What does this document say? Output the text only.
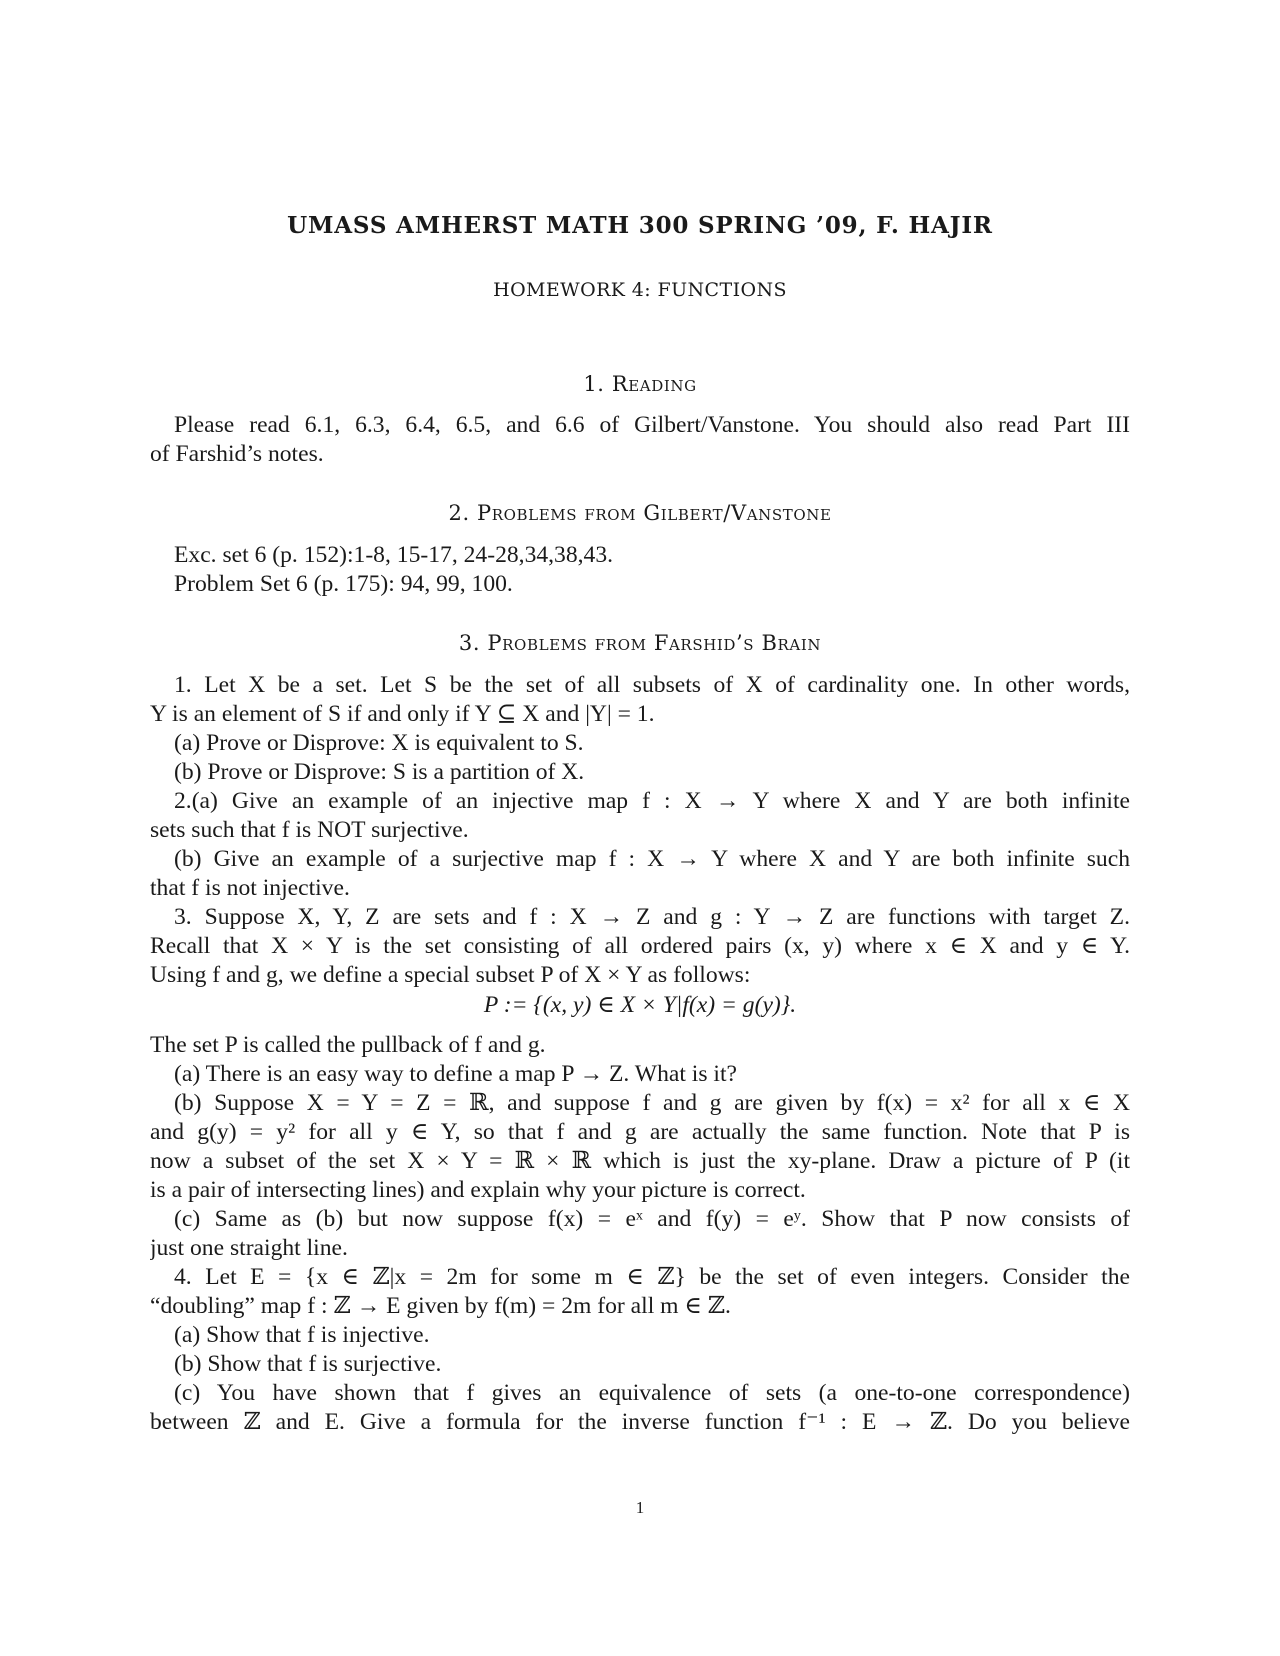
UMASS AMHERST MATH 300 SPRING ’09, F. HAJIR
HOMEWORK 4: FUNCTIONS
1. Reading
Please read 6.1, 6.3, 6.4, 6.5, and 6.6 of Gilbert/Vanstone. You should also read Part III
of Farshid’s notes.
2. Problems from Gilbert/Vanstone
Exc. set 6 (p. 152):1-8, 15-17, 24-28,34,38,43.
Problem Set 6 (p. 175): 94, 99, 100.
3. Problems from Farshid’s Brain
1. Let X be a set. Let S be the set of all subsets of X of cardinality one. In other words,
Y is an element of S if and only if Y ⊆ X and |Y| = 1.
(a) Prove or Disprove: X is equivalent to S.
(b) Prove or Disprove: S is a partition of X.
2.(a) Give an example of an injective map f : X → Y where X and Y are both infinite
sets such that f is NOT surjective.
(b) Give an example of a surjective map f : X → Y where X and Y are both infinite such
that f is not injective.
3. Suppose X, Y, Z are sets and f : X → Z and g : Y → Z are functions with target Z.
Recall that X × Y is the set consisting of all ordered pairs (x, y) where x ∈ X and y ∈ Y.
Using f and g, we define a special subset P of X × Y as follows:
P := {(x, y) ∈ X × Y|f(x) = g(y)}.
The set P is called the pullback of f and g.
(a) There is an easy way to define a map P → Z. What is it?
(b) Suppose X = Y = Z = ℝ, and suppose f and g are given by f(x) = x² for all x ∈ X
and g(y) = y² for all y ∈ Y, so that f and g are actually the same function. Note that P is
now a subset of the set X × Y = ℝ × ℝ which is just the xy-plane. Draw a picture of P (it
is a pair of intersecting lines) and explain why your picture is correct.
(c) Same as (b) but now suppose f(x) = eˣ and f(y) = eʸ. Show that P now consists of
just one straight line.
4. Let E = {x ∈ ℤ|x = 2m for some m ∈ ℤ} be the set of even integers. Consider the
“doubling” map f : ℤ → E given by f(m) = 2m for all m ∈ ℤ.
(a) Show that f is injective.
(b) Show that f is surjective.
(c) You have shown that f gives an equivalence of sets (a one-to-one correspondence)
between ℤ and E. Give a formula for the inverse function f⁻¹ : E → ℤ. Do you believe
1
